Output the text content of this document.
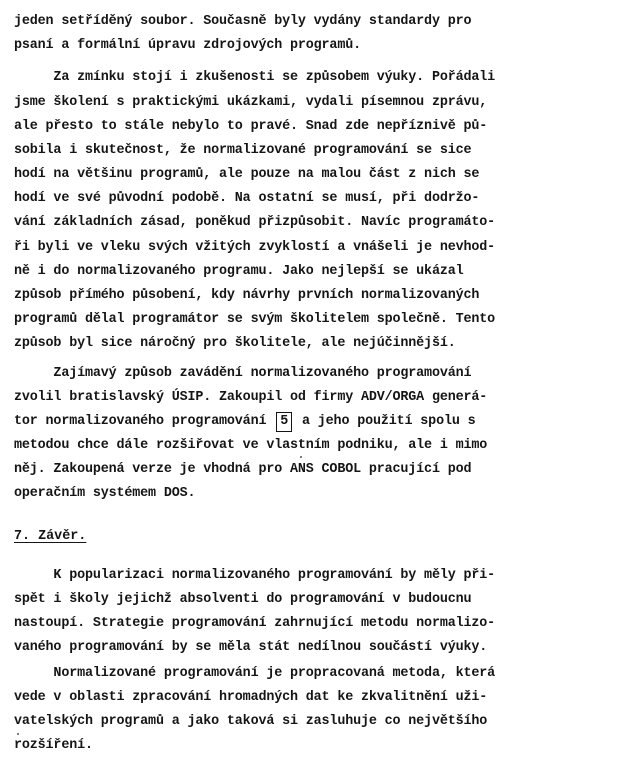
jeden setříděný soubor. Současně byly vydány standardy pro
psaní a formální úpravu zdrojových programů.
Za zmínku stojí i zkušenosti se způsobem výuky. Pořádali
jsme školení s praktickými ukázkami, vydali písemnou zprávu,
ale přesto to stále nebylo to pravé. Snad zde nepříznivě pů-
sobila i skutečnost, že normalizované programování se sice
hodí na většinu programů, ale pouze na malou část z nich se
hodí ve své původní podobě. Na ostatní se musí, při dodržo-
vání základních zásad, poněkud přizpůsobit. Navíc programáto-
ři byli ve vleku svých vžitých zvyklostí a vnášeli je nevhod-
ně i do normalizovaného programu. Jako nejlepší se ukázal
způsob přímého působení, kdy návrhy prvních normalizovaných
programů dělal programátor se svým školitelem společně. Tento
způsob byl sice náročný pro školitele, ale nejúčinnější.
Zajímavý způsob zavádění normalizovaného programování
zvolil bratislavský ÚSIP. Zakoupil od firmy ADV/ORGA generá-
tor normalizovaného programování 5 a jeho použití spolu s
metodou chce dále rozšiřovat ve vlastním podniku, ale i mimo
něj. Zakoupená verze je vhodná pro ANS COBOL pracující pod
operačním systémem DOS.
7. Závěr.
K popularizaci normalizovaného programování by měly při-
spět i školy jejichž absolventi do programování v budoucnu
nastoupí. Strategie programování zahrnující metodu normalizo-
vaného programování by se měla stát nedílnou součástí výuky.
Normalizované programování je propracovaná metoda, která
vede v oblasti zpracování hromadných dat ke zkvalitnění uži-
vatelských programů a jako taková si zasluhuje co největšího
rozšíření.
